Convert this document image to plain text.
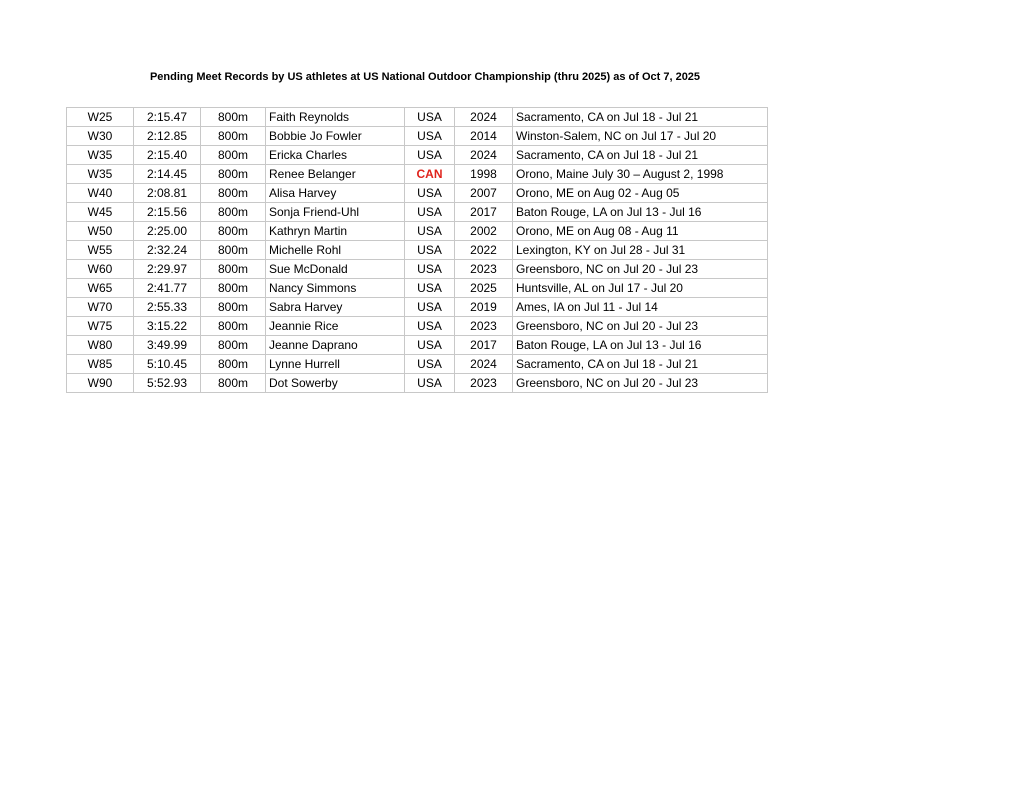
Pending Meet Records by US athletes at US National Outdoor Championship (thru 2025) as of Oct 7, 2025
W25	2:15.47	800m	Faith Reynolds	USA	2024	Sacramento, CA on Jul 18 - Jul 21
W30	2:12.85	800m	Bobbie Jo Fowler	USA	2014	Winston-Salem, NC on Jul 17 - Jul 20
W35	2:15.40	800m	Ericka Charles	USA	2024	Sacramento, CA on Jul 18 - Jul 21
W35	2:14.45	800m	Renee Belanger	CAN	1998	Orono, Maine July 30 – August 2, 1998
W40	2:08.81	800m	Alisa Harvey	USA	2007	Orono, ME on Aug 02 - Aug 05
W45	2:15.56	800m	Sonja Friend-Uhl	USA	2017	Baton Rouge, LA on Jul 13 - Jul 16
W50	2:25.00	800m	Kathryn Martin	USA	2002	Orono, ME on Aug 08 - Aug 11
W55	2:32.24	800m	Michelle Rohl	USA	2022	Lexington, KY on Jul 28 - Jul 31
W60	2:29.97	800m	Sue McDonald	USA	2023	Greensboro, NC on Jul 20 - Jul 23
W65	2:41.77	800m	Nancy Simmons	USA	2025	Huntsville, AL on Jul 17 - Jul 20
W70	2:55.33	800m	Sabra Harvey	USA	2019	Ames, IA on Jul 11 - Jul 14
W75	3:15.22	800m	Jeannie Rice	USA	2023	Greensboro, NC on Jul 20 - Jul 23
W80	3:49.99	800m	Jeanne Daprano	USA	2017	Baton Rouge, LA on Jul 13 - Jul 16
W85	5:10.45	800m	Lynne Hurrell	USA	2024	Sacramento, CA on Jul 18 - Jul 21
W90	5:52.93	800m	Dot Sowerby	USA	2023	Greensboro, NC on Jul 20 - Jul 23
